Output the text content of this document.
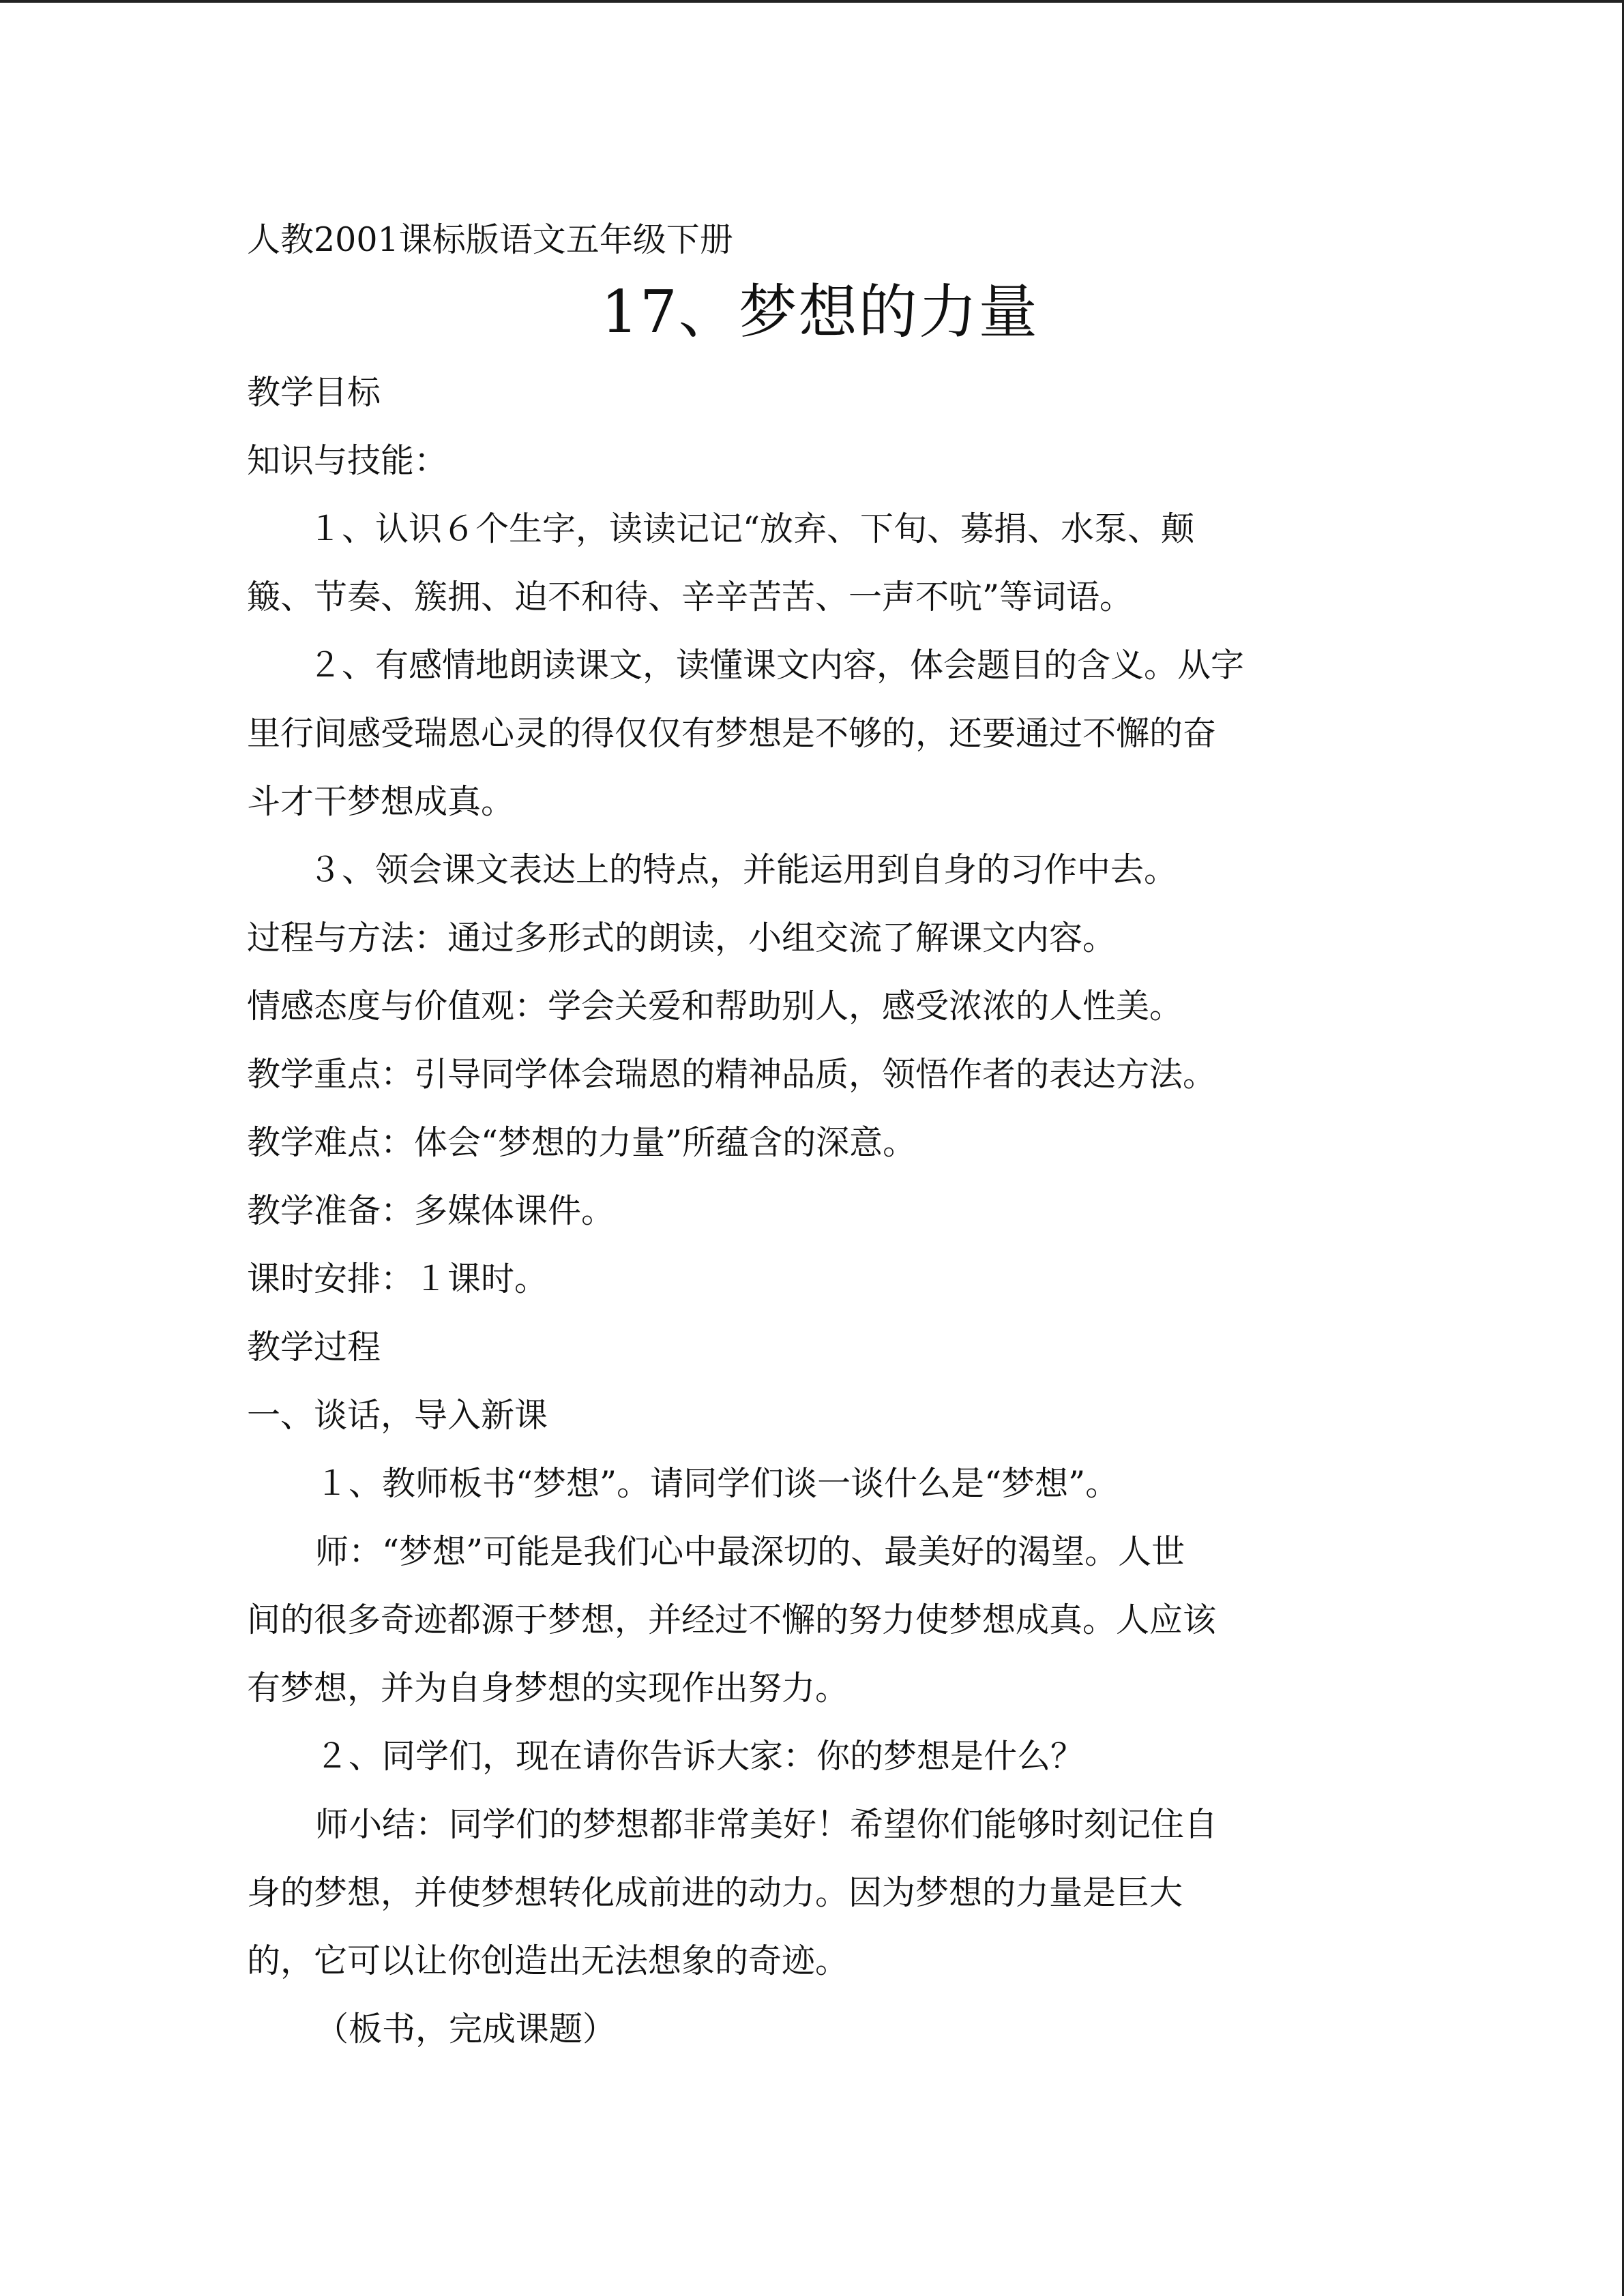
人教2001课标版语文五年级下册
17、梦想的力量

教学目标

知识与技能：

１、认识６个生字，读读记记“放弃、下旬、募捐、水泵、颠

簸、节奏、簇拥、迫不和待、辛辛苦苦、一声不吭”等词语。

２、有感情地朗读课文，读懂课文内容，体会题目的含义。从字

里行间感受瑞恩心灵的得仅仅有梦想是不够的，还要通过不懈的奋

斗才干梦想成真。

３、领会课文表达上的特点，并能运用到自身的习作中去。

过程与方法：通过多形式的朗读，小组交流了解课文内容。

情感态度与价值观：学会关爱和帮助别人，感受浓浓的人性美。

教学重点：引导同学体会瑞恩的精神品质，领悟作者的表达方法。

教学难点：体会“梦想的力量”所蕴含的深意。

教学准备：多媒体课件。

课时安排：１课时。

教学过程

一、谈话，导入新课

１、教师板书“梦想”。请同学们谈一谈什么是“梦想”。

师：“梦想”可能是我们心中最深切的、最美好的渴望。人世

间的很多奇迹都源于梦想，并经过不懈的努力使梦想成真。人应该

有梦想，并为自身梦想的实现作出努力。

２、同学们，现在请你告诉大家：你的梦想是什么？

师小结：同学们的梦想都非常美好！希望你们能够时刻记住自

身的梦想，并使梦想转化成前进的动力。因为梦想的力量是巨大

的，它可以让你创造出无法想象的奇迹。

（板书，完成课题）
